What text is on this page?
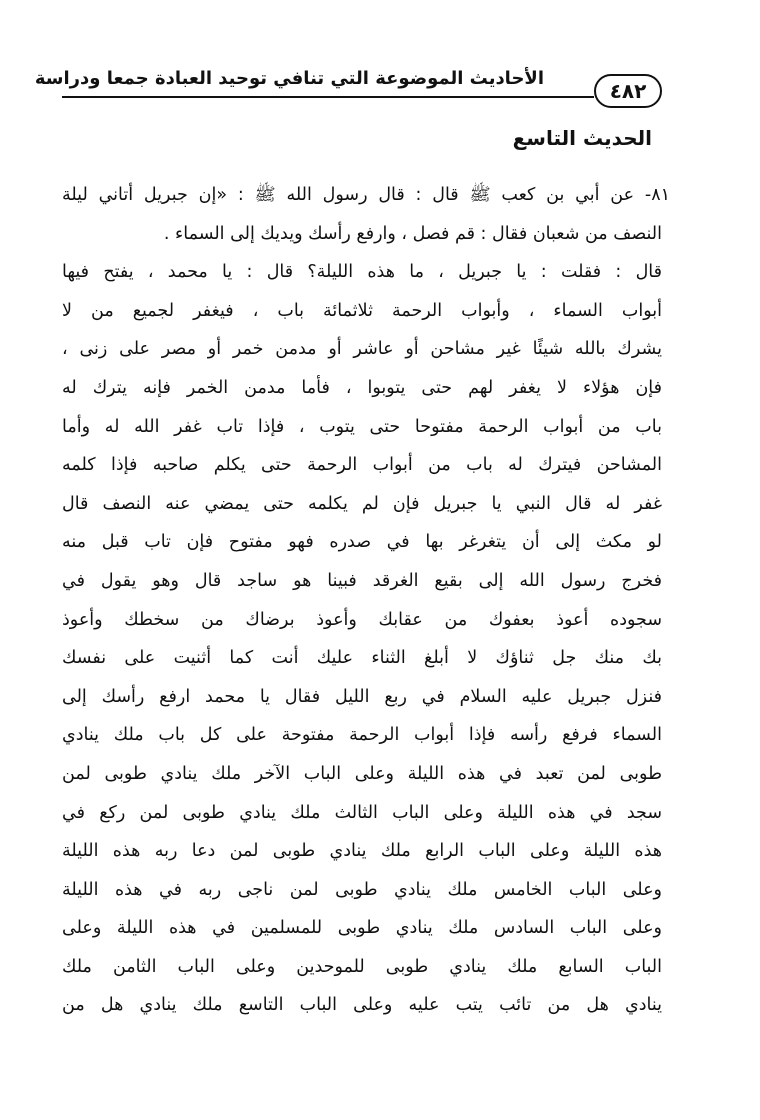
الأحاديث الموضوعة التي تنافي توحيد العبادة جمعا ودراسة
٤٨٢
الحديث التاسع
٨١- عن أبي بن كعب ﷺ قال : قال رسول الله ﷺ : «إن جبريل أتاني ليلة
النصف من شعبان فقال : قم فصل ، وارفع رأسك ويديك إلى السماء .
قال : فقلت : يا جبريل ، ما هذه الليلة؟ قال : يا محمد ، يفتح فيها
أبواب السماء ، وأبواب الرحمة ثلاثمائة باب ، فيغفر لجميع من لا
يشرك بالله شيئًا غير مشاحن أو عاشر أو مدمن خمر أو مصر على زنى ،
فإن هؤلاء لا يغفر لهم حتى يتوبوا ، فأما مدمن الخمر فإنه يترك له
باب من أبواب الرحمة مفتوحا حتى يتوب ، فإذا تاب غفر الله له وأما
المشاحن فيترك له باب من أبواب الرحمة حتى يكلم صاحبه فإذا كلمه
غفر له قال النبي يا جبريل فإن لم يكلمه حتى يمضي عنه النصف قال
لو مكث إلى أن يتغرغر بها في صدره فهو مفتوح فإن تاب قبل منه
فخرج رسول الله إلى بقيع الغرقد فبينا هو ساجد قال وهو يقول في
سجوده أعوذ بعفوك من عقابك وأعوذ برضاك من سخطك وأعوذ
بك منك جل ثناؤك لا أبلغ الثناء عليك أنت كما أثنيت على نفسك
فنزل جبريل عليه السلام في ربع الليل فقال يا محمد ارفع رأسك إلى
السماء فرفع رأسه فإذا أبواب الرحمة مفتوحة على كل باب ملك ينادي
طوبى لمن تعبد في هذه الليلة وعلى الباب الآخر ملك ينادي طوبى لمن
سجد في هذه الليلة وعلى الباب الثالث ملك ينادي طوبى لمن ركع في
هذه الليلة وعلى الباب الرابع ملك ينادي طوبى لمن دعا ربه هذه الليلة
وعلى الباب الخامس ملك ينادي طوبى لمن ناجى ربه في هذه الليلة
وعلى الباب السادس ملك ينادي طوبى للمسلمين في هذه الليلة وعلى
الباب السابع ملك ينادي طوبى للموحدين وعلى الباب الثامن ملك
ينادي هل من تائب يتب عليه وعلى الباب التاسع ملك ينادي هل من
